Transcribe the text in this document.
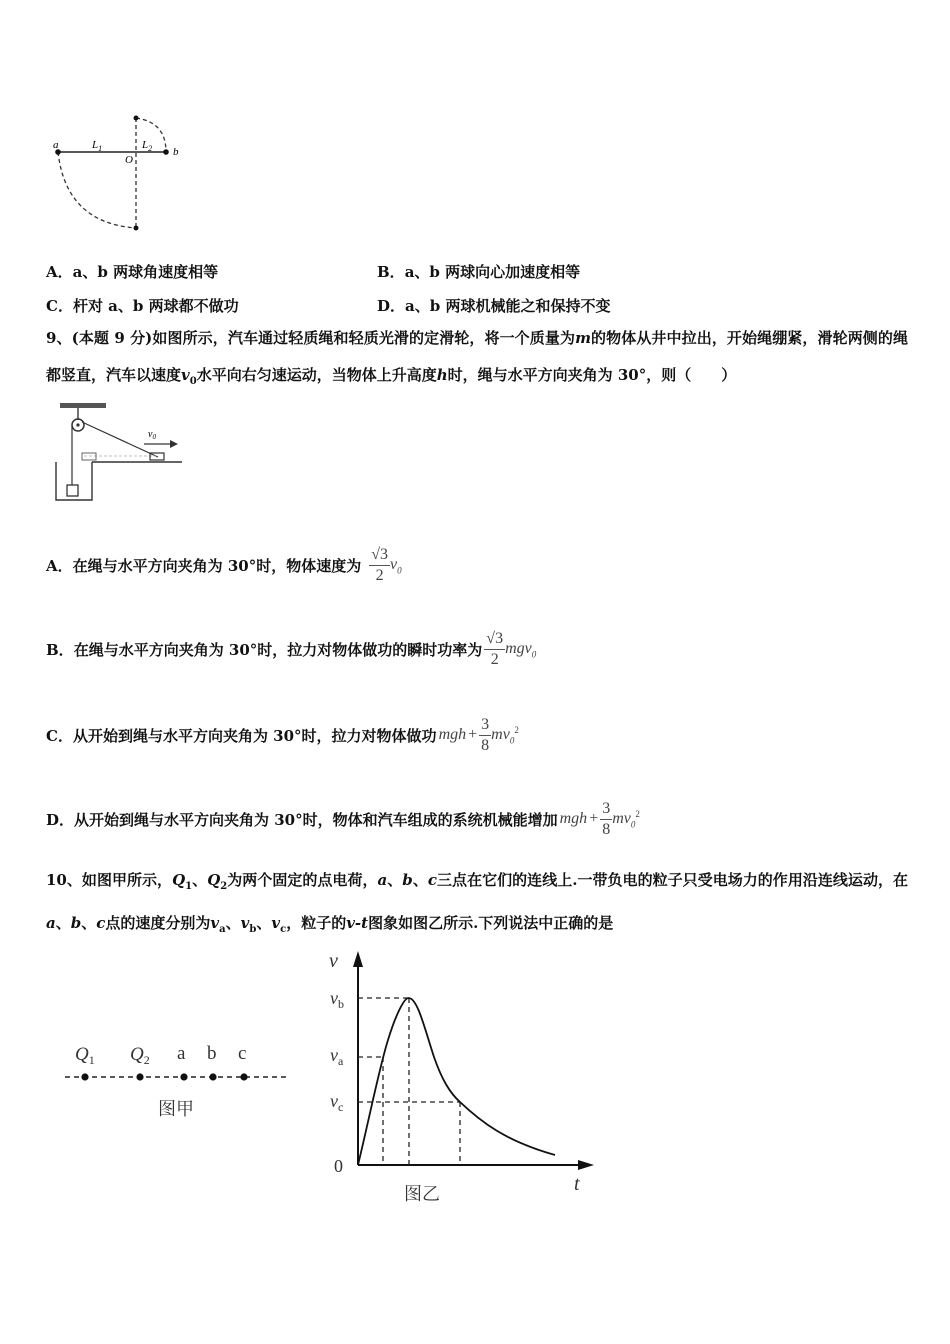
a	$L_1$
O
$L_2$ b
A．a、b 两球角速度相等	B．a、b 两球向心加速度相等
C．杆对 a、b 两球都不做功	D．a、b 两球机械能之和保持不变
9、(本题 9 分)如图所示，汽车通过轻质绳和轻质光滑的定滑轮，将一个质量为m的物体从井中拉出，开始绳绷紧，滑轮两侧的绳都竖直，汽车以速度$v_0$水平向右匀速运动，当物体上升高度h时，绳与水平方向夹角为 30°，则（　　）
$v_0$
A． 在绳与水平方向夹角为 30°时，物体速度为 $\frac{√3}{2} v_0$
B． 在绳与水平方向夹角为 30°时，拉力对物体做功的瞬时功率为 $\frac{√3}{2} mgv_0$
C． 从开始到绳与水平方向夹角为 30°时，拉力对物体做功 mgh + $\frac{3}{8} mv_0^2$
D． 从开始到绳与水平方向夹角为 30°时，物体和汽车组成的系统机械能增加 mgh + $\frac{3}{8} mv_0^2$
10、如图甲所示，$Q_1$、$Q_2$为两个固定的点电荷，a、b、c三点在它们的连线上.一带负电的粒子只受电场力的作用沿连线运动，在a、b、c点的速度分别为$v_a$、$v_b$、$v_c$，粒子的v-t图象如图乙所示.下列说法中正确的是
$Q_1$ $Q_2$ a b c
图甲
v
t
0
$v_b$
$v_a$
$v_c$
图乙
